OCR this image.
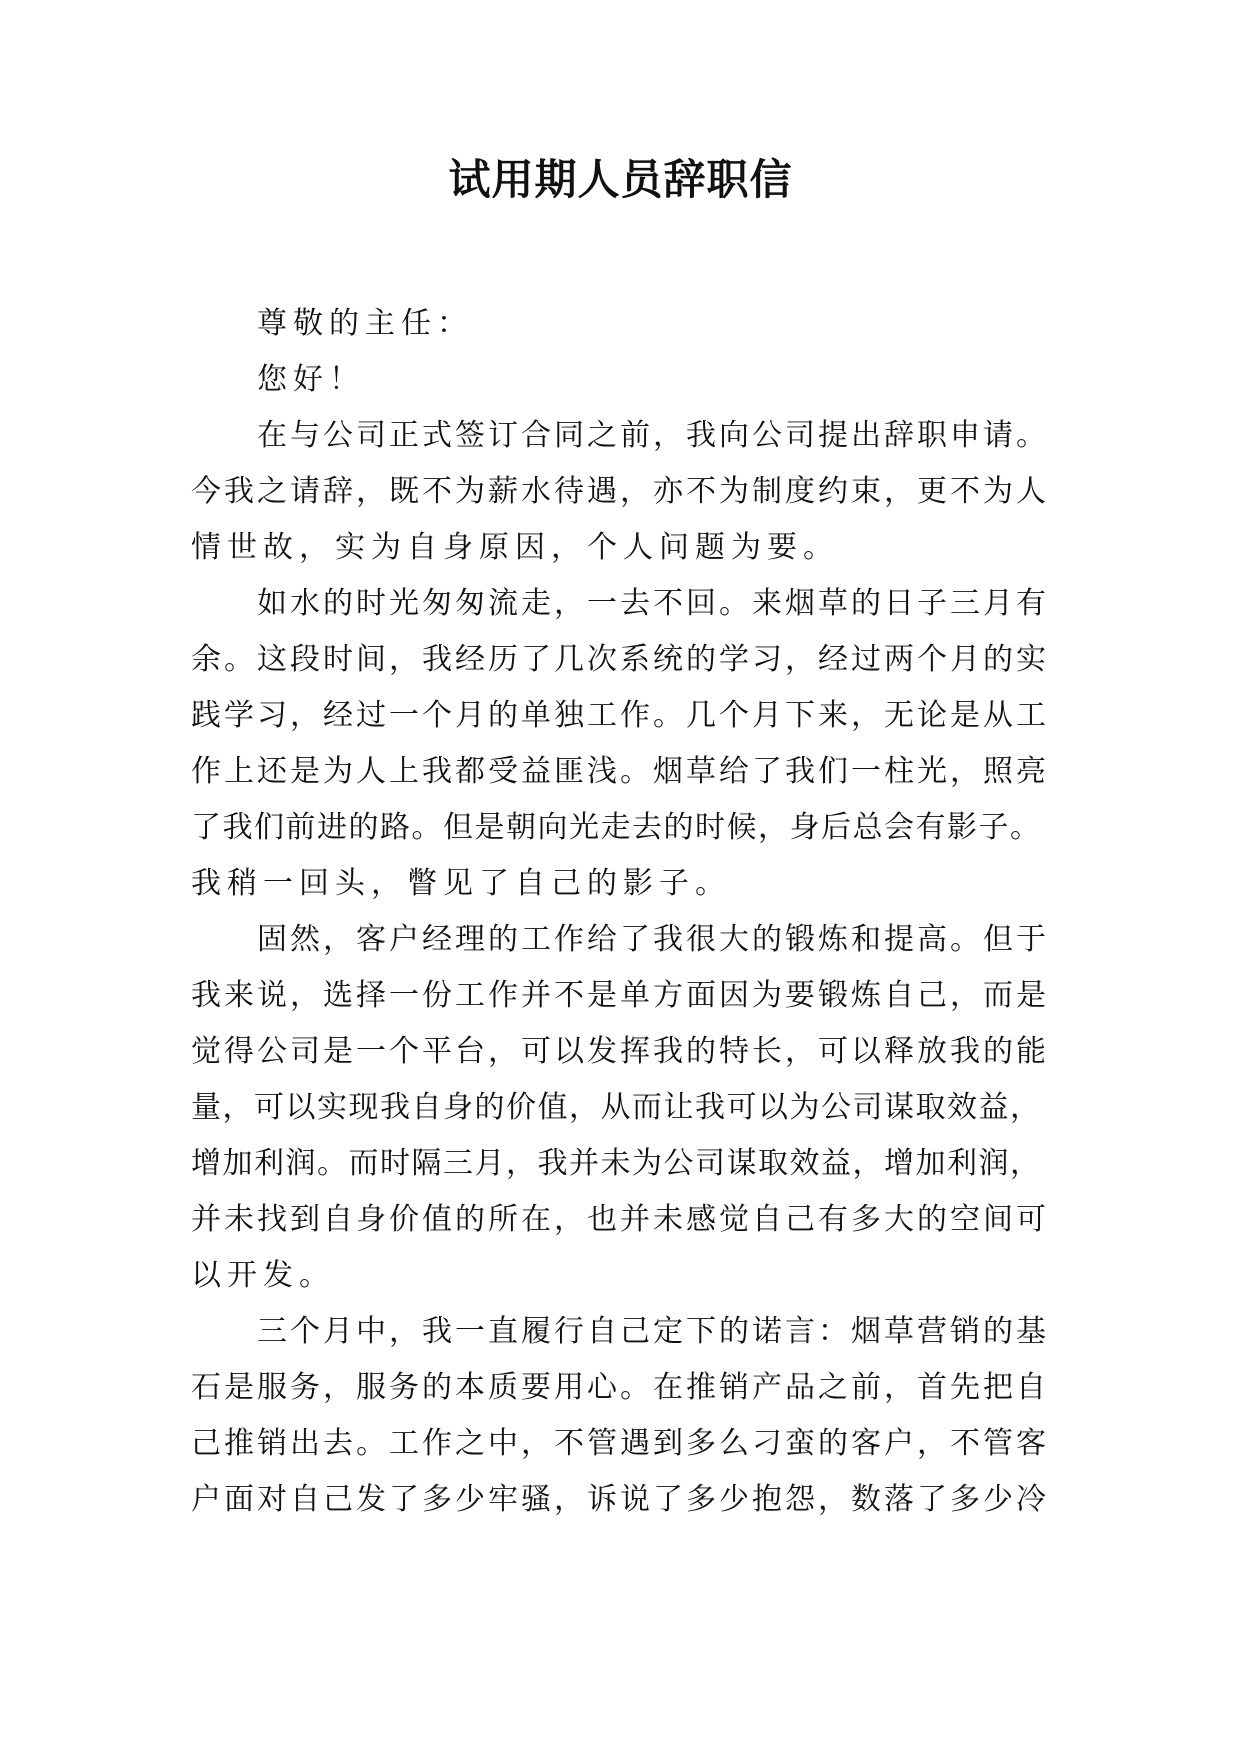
试用期人员辞职信
尊敬的主任：
您好！
在与公司正式签订合同之前，我向公司提出辞职申请。
今我之请辞，既不为薪水待遇，亦不为制度约束，更不为人
情世故，实为自身原因，个人问题为要。
如水的时光匆匆流走，一去不回。来烟草的日子三月有
余。这段时间，我经历了几次系统的学习，经过两个月的实
践学习，经过一个月的单独工作。几个月下来，无论是从工
作上还是为人上我都受益匪浅。烟草给了我们一柱光，照亮
了我们前进的路。但是朝向光走去的时候，身后总会有影子。
我稍一回头，瞥见了自己的影子。
固然，客户经理的工作给了我很大的锻炼和提高。但于
我来说，选择一份工作并不是单方面因为要锻炼自己，而是
觉得公司是一个平台，可以发挥我的特长，可以释放我的能
量，可以实现我自身的价值，从而让我可以为公司谋取效益，
增加利润。而时隔三月，我并未为公司谋取效益，增加利润，
并未找到自身价值的所在，也并未感觉自己有多大的空间可
以开发。
三个月中，我一直履行自己定下的诺言：烟草营销的基
石是服务，服务的本质要用心。在推销产品之前，首先把自
己推销出去。工作之中，不管遇到多么刁蛮的客户，不管客
户面对自己发了多少牢骚，诉说了多少抱怨，数落了多少冷
